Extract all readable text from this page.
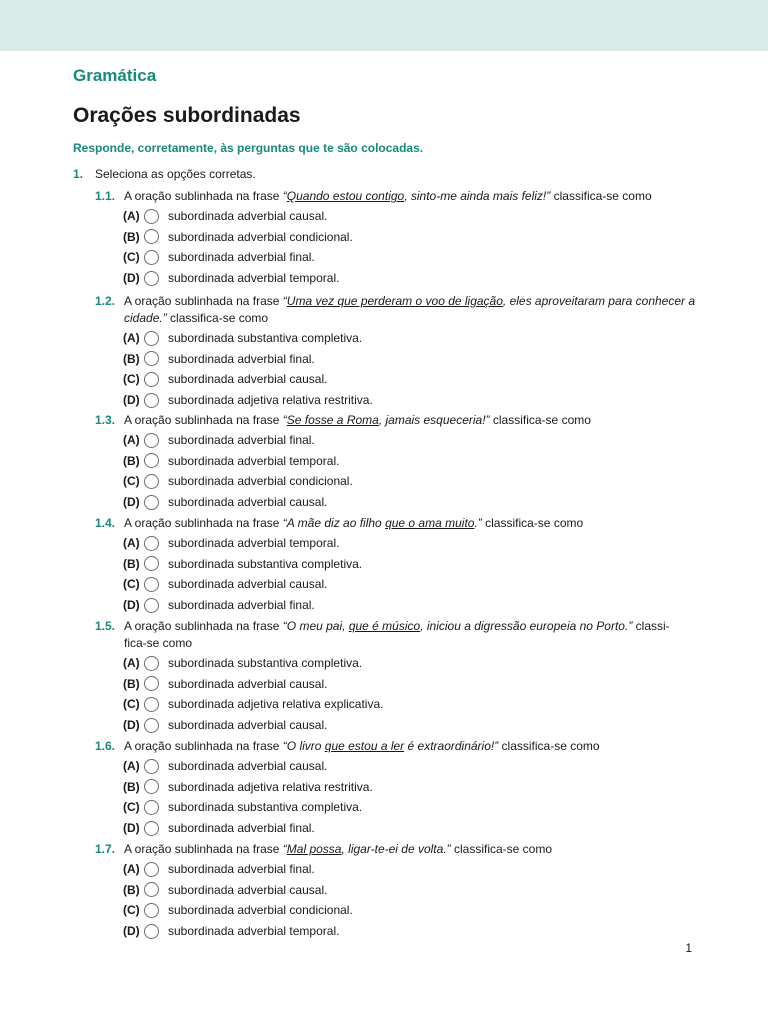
Gramática
Orações subordinadas
Responde, corretamente, às perguntas que te são colocadas.
1. Seleciona as opções corretas.
1.1. A oração sublinhada na frase “Quando estou contigo, sinto-me ainda mais feliz!” classifica-se como
(A)	subordinada adverbial causal.
(B)	subordinada adverbial condicional.
(C)	subordinada adverbial final.
(D)	subordinada adverbial temporal.
1.2. A oração sublinhada na frase “Uma vez que perderam o voo de ligação, eles aproveitaram para conhecer a cidade.” classifica-se como
(A)	subordinada substantiva completiva.
(B)	subordinada adverbial final.
(C)	subordinada adverbial causal.
(D)	subordinada adjetiva relativa restritiva.
1.3. A oração sublinhada na frase “Se fosse a Roma, jamais esqueceria!” classifica-se como
(A)	subordinada adverbial final.
(B)	subordinada adverbial temporal.
(C)	subordinada adverbial condicional.
(D)	subordinada adverbial causal.
1.4. A oração sublinhada na frase “A mãe diz ao filho que o ama muito.” classifica-se como
(A)	subordinada adverbial temporal.
(B)	subordinada substantiva completiva.
(C)	subordinada adverbial causal.
(D)	subordinada adverbial final.
1.5. A oração sublinhada na frase “O meu pai, que é músico, iniciou a digressão europeia no Porto.” classi- fica-se como
(A)	subordinada substantiva completiva.
(B)	subordinada adverbial causal.
(C)	subordinada adjetiva relativa explicativa.
(D)	subordinada adverbial causal.
1.6. A oração sublinhada na frase “O livro que estou a ler é extraordinário!” classifica-se como
(A)	subordinada adverbial causal.
(B)	subordinada adjetiva relativa restritiva.
(C)	subordinada substantiva completiva.
(D)	subordinada adverbial final.
1.7. A oração sublinhada na frase “Mal possa, ligar-te-ei de volta.” classifica-se como
(A)	subordinada adverbial final.
(B)	subordinada adverbial causal.
(C)	subordinada adverbial condicional.
(D)	subordinada adverbial temporal.
1
